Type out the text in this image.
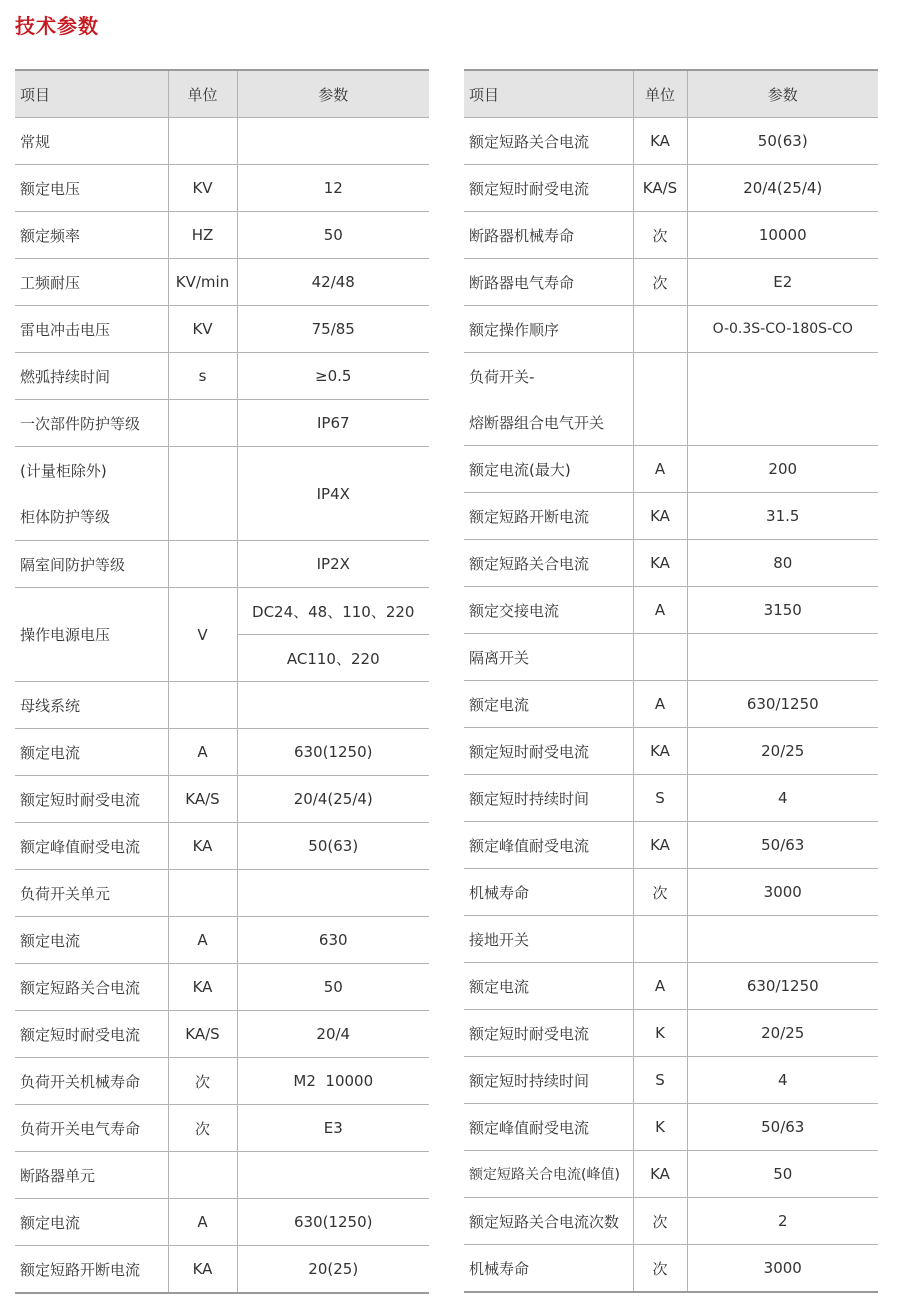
技术参数
项目	单位	参数
常规		
额定电压	KV	12
额定频率	HZ	50
工频耐压	KV/min	42/48
雷电冲击电压	KV	75/85
燃弧持续时间	s	≥0.5
一次部件防护等级		IP67

(计量柜除外)
柜体防护等级		IP4X
隔室间防护等级		IP2X
操作电源电压	V	DC24、48、110、220
		AC110、220
母线系统		
额定电流	A	630(1250)
额定短时耐受电流	KA/S	20/4(25/4)
额定峰值耐受电流	KA	50(63)
负荷开关单元		
额定电流	A	630
额定短路关合电流	KA	50
额定短时耐受电流	KA/S	20/4
负荷开关机械寿命	次	M2  10000
负荷开关电气寿命	次	E3
断路器单元		
额定电流	A	630(1250)
额定短路开断电流	KA	20(25)
项目	单位	参数
额定短路关合电流	KA	50(63)
额定短时耐受电流	KA/S	20/4(25/4)
断路器机械寿命	次	10000
断路器电气寿命	次	E2
额定操作顺序		O-0.3S-CO-180S-CO
负荷开关-		
熔断器组合电气开关		
额定电流(最大)	A	200
额定短路开断电流	KA	31.5
额定短路关合电流	KA	80
额定交接电流	A	3150
隔离开关		
额定电流	A	630/1250
额定短时耐受电流	KA	20/25
额定短时持续时间	S	4
额定峰值耐受电流	KA	50/63
机械寿命	次	3000
接地开关		
额定电流	A	630/1250
额定短时耐受电流	K	20/25
额定短时持续时间	S	4
额定峰值耐受电流	K	50/63
额定短路关合电流(峰值)	KA	50
额定短路关合电流次数	次	2
机械寿命	次	3000
